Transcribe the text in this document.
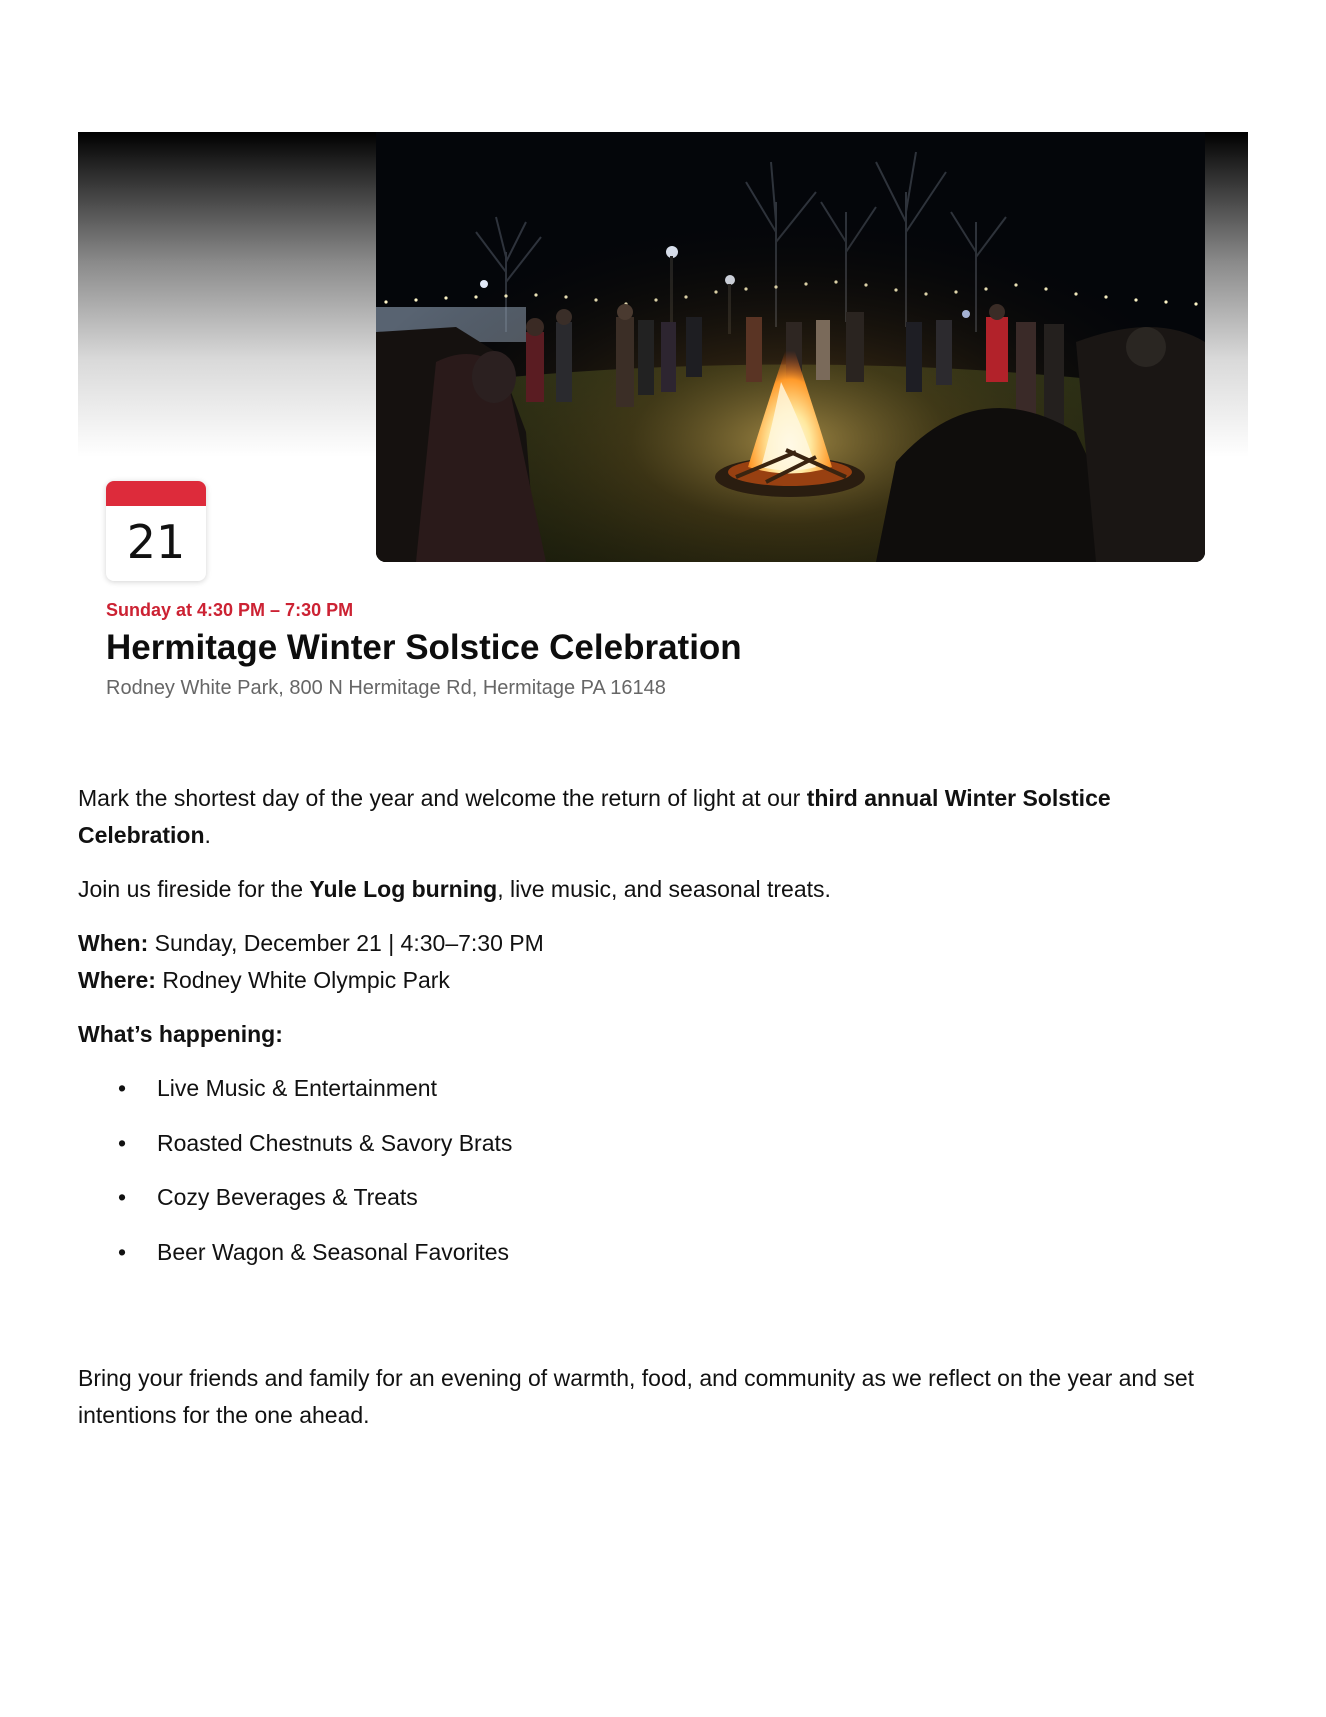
21
Sunday at 4:30 PM – 7:30 PM
Hermitage Winter Solstice Celebration
Rodney White Park, 800 N Hermitage Rd, Hermitage PA 16148

Mark the shortest day of the year and welcome the return of light at our third annual Winter Solstice Celebration.

Join us fireside for the Yule Log burning, live music, and seasonal treats.

When: Sunday, December 21 | 4:30–7:30 PM
Where: Rodney White Olympic Park

What’s happening:

• Live Music & Entertainment
• Roasted Chestnuts & Savory Brats
• Cozy Beverages & Treats
• Beer Wagon & Seasonal Favorites

Bring your friends and family for an evening of warmth, food, and community as we reflect on the year and set intentions for the one ahead.
